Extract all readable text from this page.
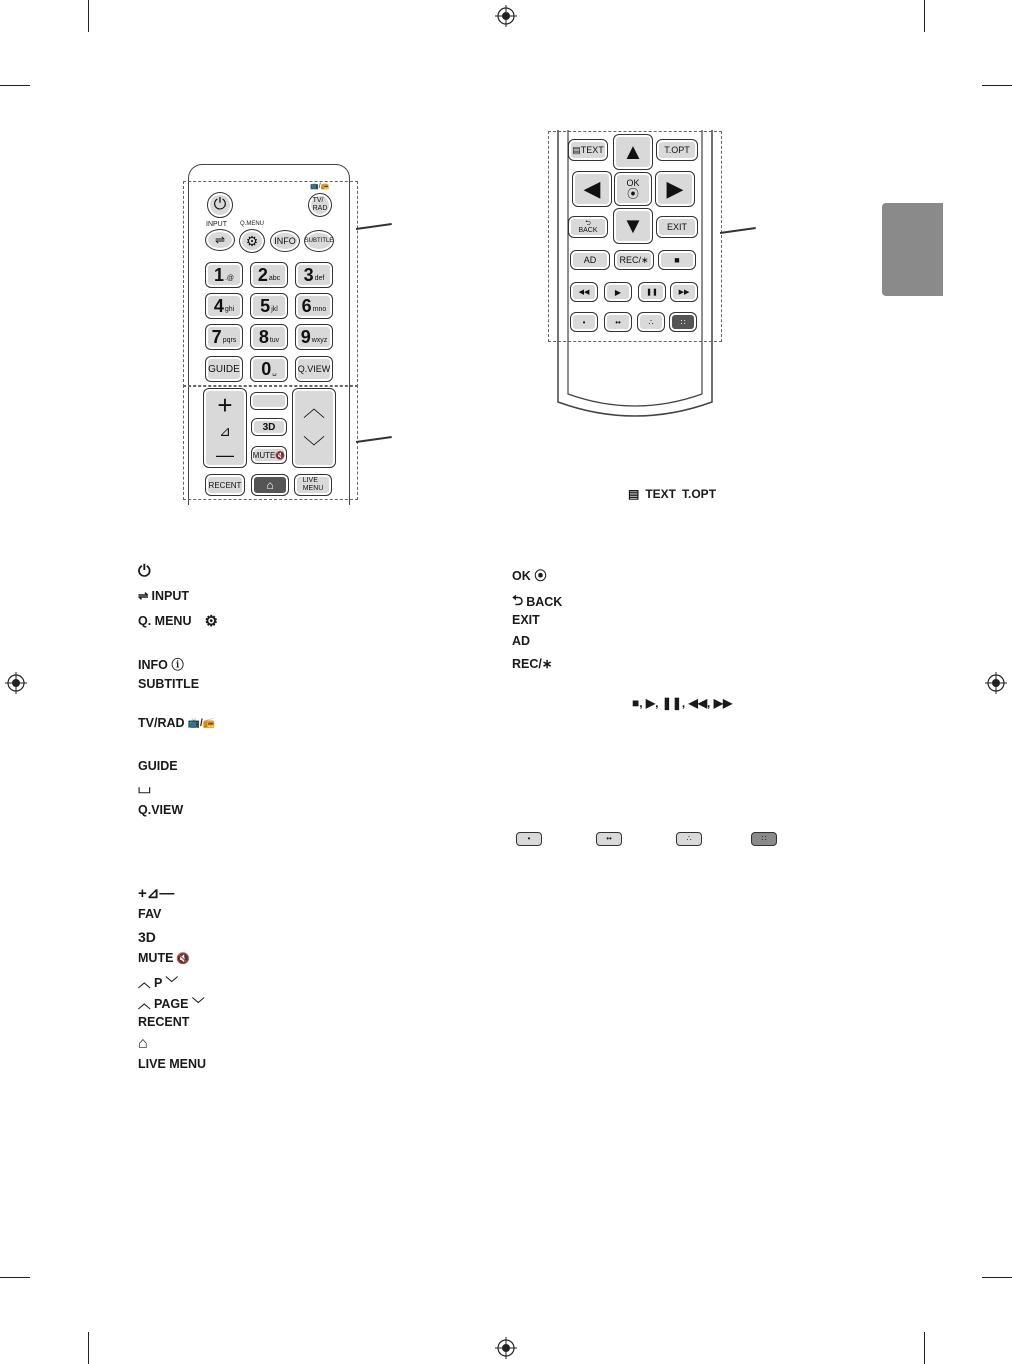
⏻
📺/📻
TV/
RAD
INPUT Q.MENU
⇌ ⚙	INFO	SUBTITLE
1 .@ 2 abc 3 def
4 ghi 5 jkl 6 mno
7 pqrs 8 tuv 9 wxyz
GUIDE 0 ␣	Q.VIEW
+
⊿
—
3D
MUTE 🔇
︿
﹀
RECENT ⌂	LIVE
MENU
▤ TEXT ▲	T.OPT
◀	OK
⦿ ▶
⮌
BACK ▼	EXIT
AD	REC/∗	■
◀◀	▶	❚❚	▶▶
•	••	∴	∷
▤ TEXT T.OPT
⏻
⇌ INPUT
Q. MENU ⚙
INFO ⓘ
SUBTITLE
TV/RAD 📺/📻
GUIDE
⌴
Q.VIEW
+⊿—
FAV
3D
MUTE 🔇
︿ P ﹀
︿ PAGE ﹀
RECENT
⌂
LIVE MENU
OK ⦿
⮌ BACK
EXIT
AD
REC/∗
■, ▶, ❚❚, ◀◀, ▶▶
•	••	∴	∷
